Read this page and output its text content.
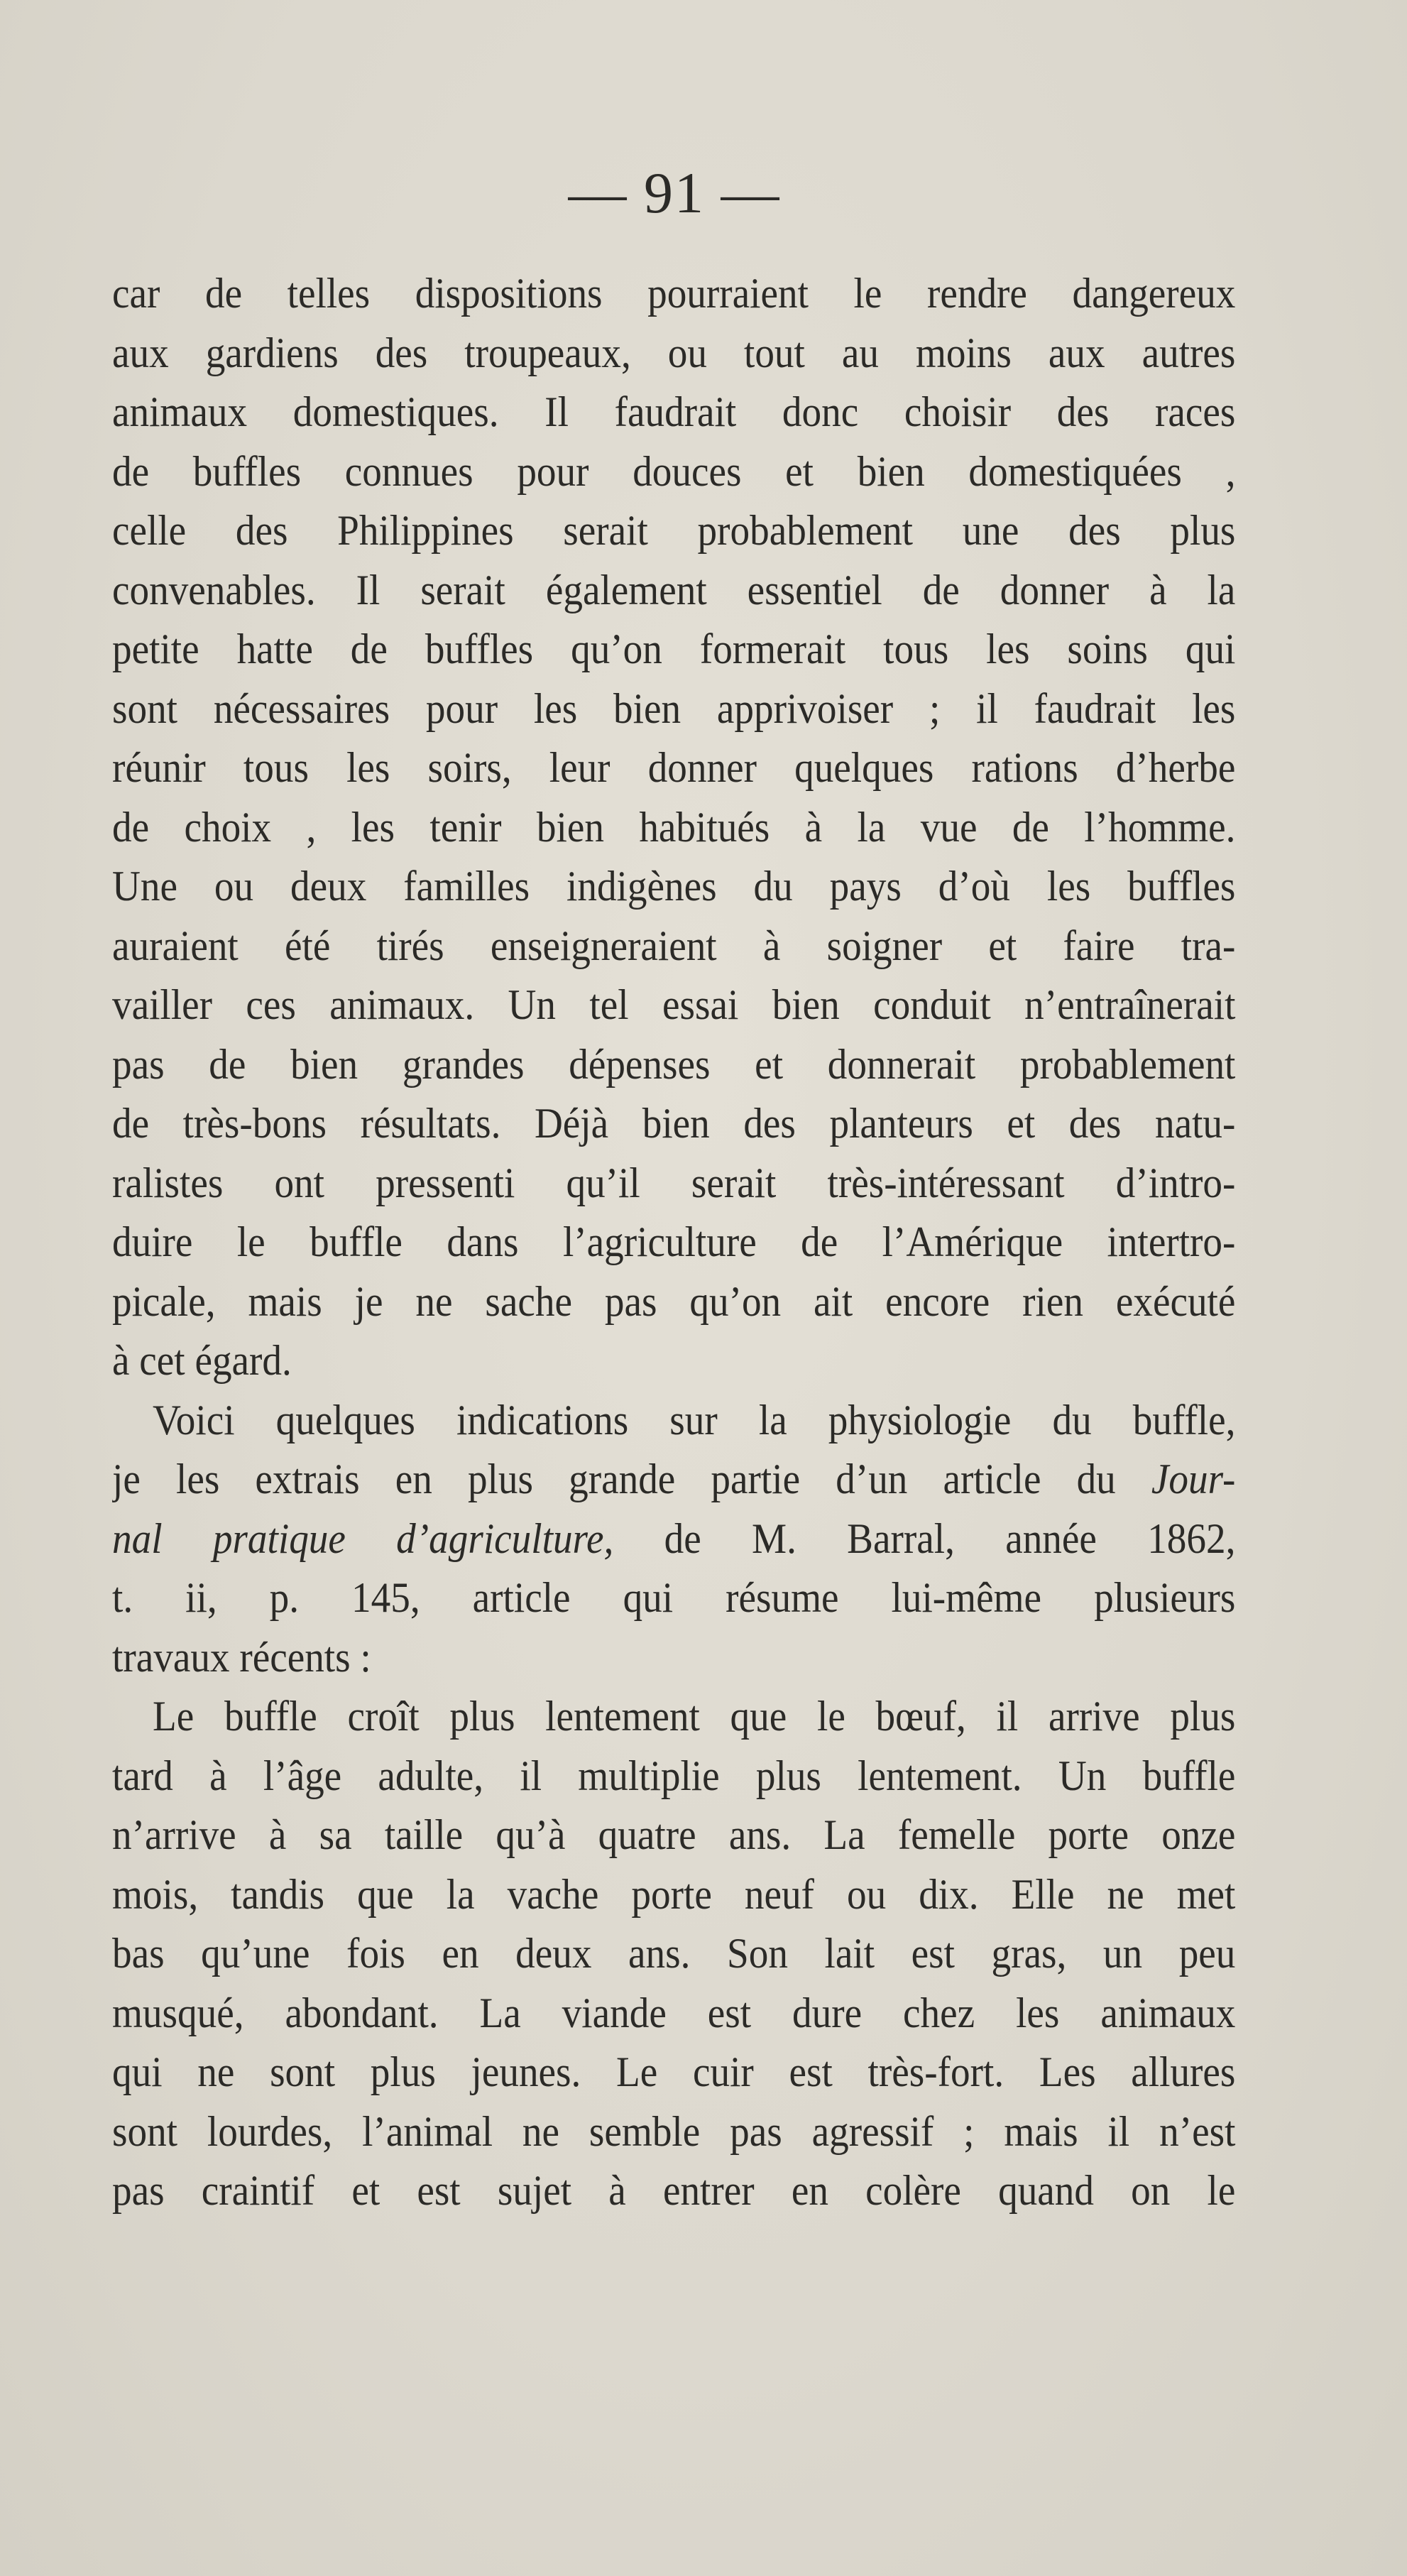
— 91 —
car de telles dispositions pourraient le rendre dangereux
aux gardiens des troupeaux, ou tout au moins aux autres
animaux domestiques. Il faudrait donc choisir des races
de buffles connues pour douces et bien domestiquées ,
celle des Philippines serait probablement une des plus
convenables. Il serait également essentiel de donner à la
petite hatte de buffles qu’on formerait tous les soins qui
sont nécessaires pour les bien apprivoiser ; il faudrait les
réunir tous les soirs, leur donner quelques rations d’herbe
de choix , les tenir bien habitués à la vue de l’homme.
Une ou deux familles indigènes du pays d’où les buffles
auraient été tirés enseigneraient à soigner et faire tra-
vailler ces animaux. Un tel essai bien conduit n’entraînerait
pas de bien grandes dépenses et donnerait probablement
de très-bons résultats. Déjà bien des planteurs et des natu-
ralistes ont pressenti qu’il serait très-intéressant d’intro-
duire le buffle dans l’agriculture de l’Amérique intertro-
picale, mais je ne sache pas qu’on ait encore rien exécuté
à cet égard.
Voici quelques indications sur la physiologie du buffle,
je les extrais en plus grande partie d’un article du Jour-
nal pratique d’agriculture, de M. Barral, année 1862,
t. ii, p. 145, article qui résume lui-même plusieurs
travaux récents :
Le buffle croît plus lentement que le bœuf, il arrive plus
tard à l’âge adulte, il multiplie plus lentement. Un buffle
n’arrive à sa taille qu’à quatre ans. La femelle porte onze
mois, tandis que la vache porte neuf ou dix. Elle ne met
bas qu’une fois en deux ans. Son lait est gras, un peu
musqué, abondant. La viande est dure chez les animaux
qui ne sont plus jeunes. Le cuir est très-fort. Les allures
sont lourdes, l’animal ne semble pas agressif ; mais il n’est
pas craintif et est sujet à entrer en colère quand on le
